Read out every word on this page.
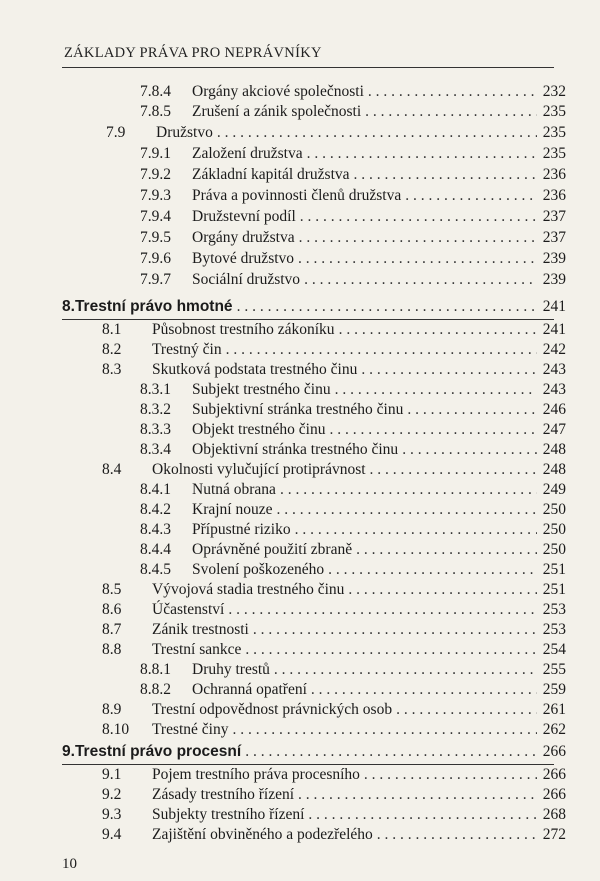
ZÁKLADY PRÁVA PRO NEPRÁVNÍKY
7.8.4	Orgány akciové společnosti . . .	232
7.8.5	Zrušení a zánik společnosti . . .	235
7.9	Družstvo . . .	235
7.9.1	Založení družstva . . .	235
7.9.2	Základní kapitál družstva . . .	236
7.9.3	Práva a povinnosti členů družstva . . .	236
7.9.4	Družstevní podíl . . .	237
7.9.5	Orgány družstva . . .	237
7.9.6	Bytové družstvo . . .	239
7.9.7	Sociální družstvo . . .	239
8. Trestní právo hmotné . . .	241
8.1	Působnost trestního zákoníku . . .	241
8.2	Trestný čin . . .	242
8.3	Skutková podstata trestného činu . . .	243
8.3.1	Subjekt trestného činu . . .	243
8.3.2	Subjektivní stránka trestného činu . . .	246
8.3.3	Objekt trestného činu . . .	247
8.3.4	Objektivní stránka trestného činu . . .	248
8.4	Okolnosti vylučující protiprávnost . . .	248
8.4.1	Nutná obrana . . .	249
8.4.2	Krajní nouze . . .	250
8.4.3	Přípustné riziko . . .	250
8.4.4	Oprávněné použití zbraně . . .	250
8.4.5	Svolení poškozeného . . .	251
8.5	Vývojová stadia trestného činu . . .	251
8.6	Účastenství . . .	253
8.7	Zánik trestnosti . . .	253
8.8	Trestní sankce . . .	254
8.8.1	Druhy trestů . . .	255
8.8.2	Ochranná opatření . . .	259
8.9	Trestní odpovědnost právnických osob . . .	261
8.10	Trestné činy . . .	262
9. Trestní právo procesní . . .	266
9.1	Pojem trestního práva procesního . . .	266
9.2	Zásady trestního řízení . . .	266
9.3	Subjekty trestního řízení . . .	268
9.4	Zajištění obviněného a podezřelého . . .	272
10
